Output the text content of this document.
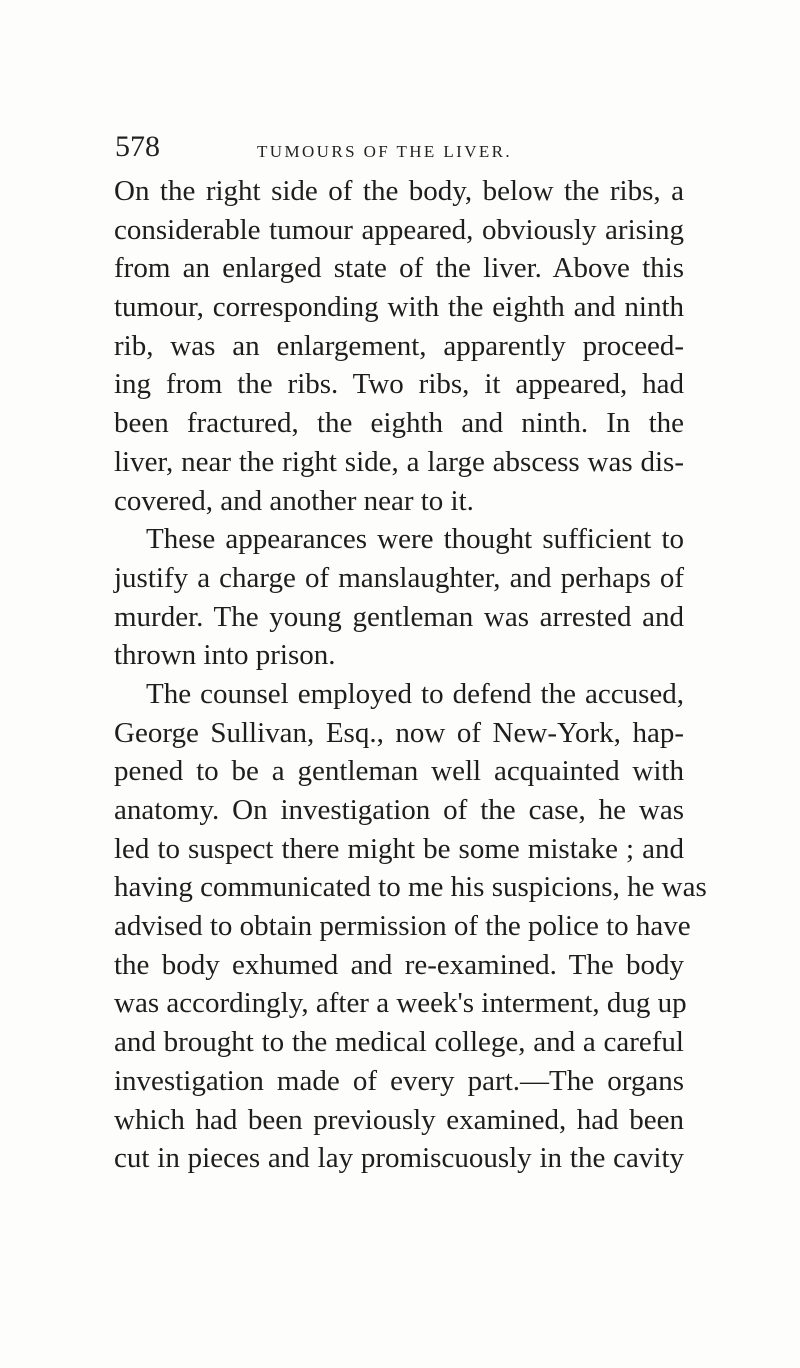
578	TUMOURS OF THE LIVER.
On the right side of the body, below the ribs, a
considerable tumour appeared, obviously arising
from an enlarged state of the liver. Above this
tumour, corresponding with the eighth and ninth
rib, was an enlargement, apparently proceed-
ing from the ribs. Two ribs, it appeared, had
been fractured, the eighth and ninth. In the
liver, near the right side, a large abscess was dis-
covered, and another near to it.
These appearances were thought sufficient to
justify a charge of manslaughter, and perhaps of
murder. The young gentleman was arrested and
thrown into prison.
The counsel employed to defend the accused,
George Sullivan, Esq., now of New-York, hap-
pened to be a gentleman well acquainted with
anatomy. On investigation of the case, he was
led to suspect there might be some mistake ; and
having communicated to me his suspicions, he was
advised to obtain permission of the police to have
the body exhumed and re-examined. The body
was accordingly, after a week's interment, dug up
and brought to the medical college, and a careful
investigation made of every part.—The organs
which had been previously examined, had been
cut in pieces and lay promiscuously in the cavity
